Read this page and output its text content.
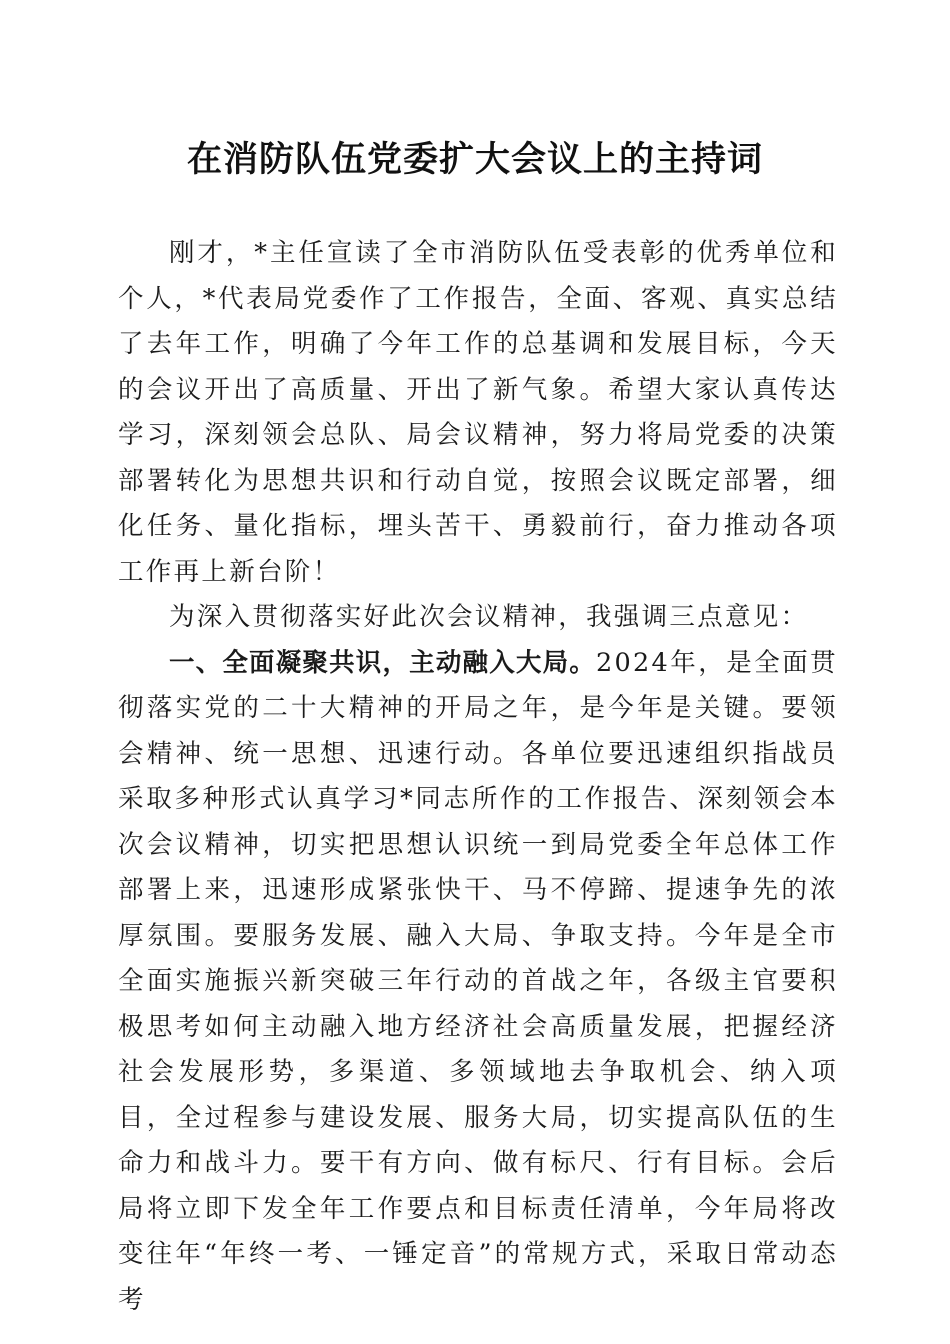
在消防队伍党委扩大会议上的主持词

刚才，*主任宣读了全市消防队伍受表彰的优秀单位和个人，*代表局党委作了工作报告，全面、客观、真实总结了去年工作，明确了今年工作的总基调和发展目标，今天的会议开出了高质量、开出了新气象。希望大家认真传达学习，深刻领会总队、局会议精神，努力将局党委的决策部署转化为思想共识和行动自觉，按照会议既定部署，细化任务、量化指标，埋头苦干、勇毅前行，奋力推动各项工作再上新台阶！

为深入贯彻落实好此次会议精神，我强调三点意见：

一、全面凝聚共识，主动融入大局。2024年，是全面贯彻落实党的二十大精神的开局之年，是今年是关键。要领会精神、统一思想、迅速行动。各单位要迅速组织指战员采取多种形式认真学习*同志所作的工作报告、深刻领会本次会议精神，切实把思想认识统一到局党委全年总体工作部署上来，迅速形成紧张快干、马不停蹄、提速争先的浓厚氛围。要服务发展、融入大局、争取支持。今年是全市全面实施振兴新突破三年行动的首战之年，各级主官要积极思考如何主动融入地方经济社会高质量发展，把握经济社会发展形势，多渠道、多领域地去争取机会、纳入项目，全过程参与建设发展、服务大局，切实提高队伍的生命力和战斗力。要干有方向、做有标尺、行有目标。会后局将立即下发全年工作要点和目标责任清单，今年局将改变往年“年终一考、一锤定音”的常规方式，采取日常动态考
